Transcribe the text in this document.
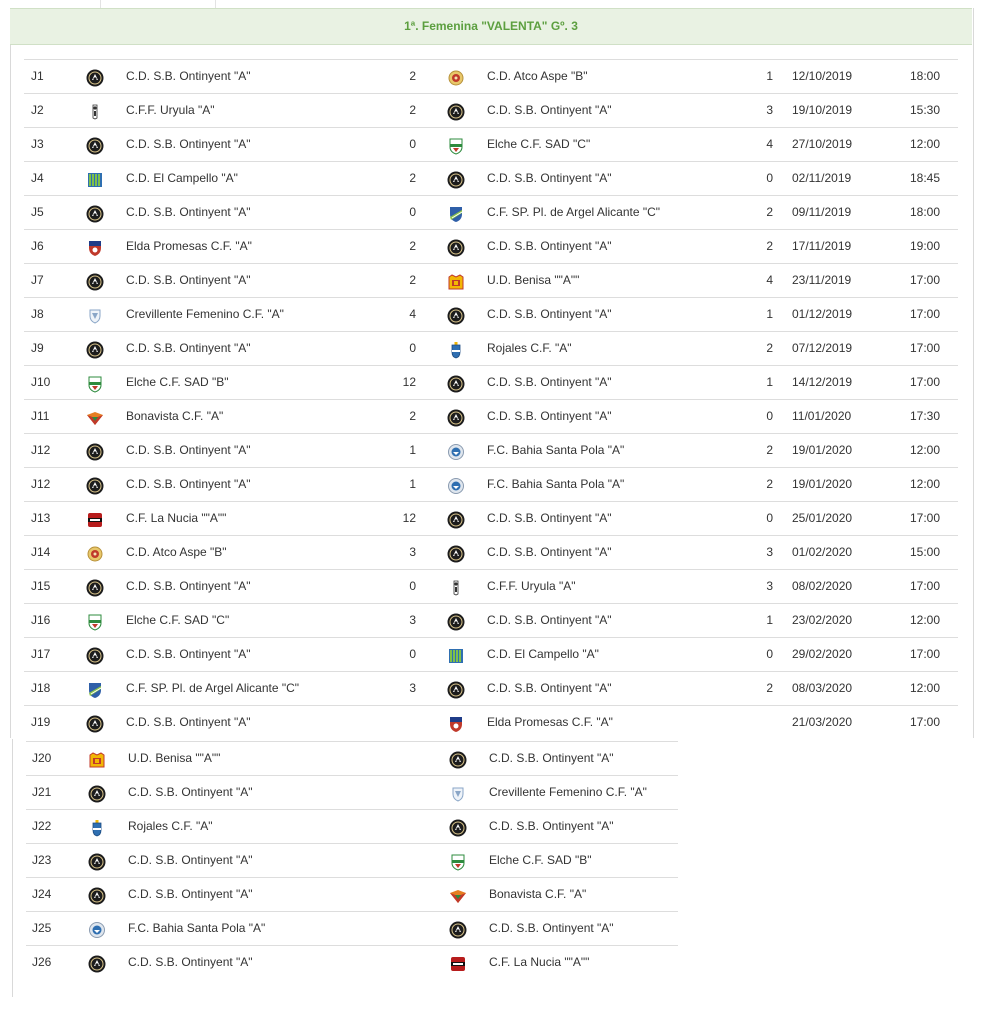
1ª. Femenina "VALENTA" Gº. 3
J1	C.D. S.B. Ontinyent "A"	2	C.D. Atco Aspe "B"	1 12/10/2019	18:00
J2	C.F.F. Uryula "A"	2	C.D. S.B. Ontinyent "A"	3 19/10/2019	15:30
J3	C.D. S.B. Ontinyent "A"	0	Elche C.F. SAD "C"	4 27/10/2019	12:00
J4	C.D. El Campello "A"	2	C.D. S.B. Ontinyent "A"	0 02/11/2019	18:45
J5	C.D. S.B. Ontinyent "A"	0	C.F. SP. Pl. de Argel Alicante "C"	2 09/11/2019	18:00
J6	Elda Promesas C.F. "A"	2	C.D. S.B. Ontinyent "A"	2 17/11/2019	19:00
J7	C.D. S.B. Ontinyent "A"	2	U.D. Benisa ""A""	4 23/11/2019	17:00
J8	Crevillente Femenino C.F. "A"	4	C.D. S.B. Ontinyent "A"	1 01/12/2019	17:00
J9	C.D. S.B. Ontinyent "A"	0	Rojales C.F. "A"	2 07/12/2019	17:00
J10	Elche C.F. SAD "B"	12	C.D. S.B. Ontinyent "A"	1 14/12/2019	17:00
J11	Bonavista C.F. "A"	2	C.D. S.B. Ontinyent "A"	0 11/01/2020	17:30
J12	C.D. S.B. Ontinyent "A"	1	F.C. Bahia Santa Pola "A"	2 19/01/2020	12:00
J12	C.D. S.B. Ontinyent "A"	1	F.C. Bahia Santa Pola "A"	2 19/01/2020	12:00
J13	C.F. La Nucia ""A""	12	C.D. S.B. Ontinyent "A"	0 25/01/2020	17:00
J14	C.D. Atco Aspe "B"	3	C.D. S.B. Ontinyent "A"	3 01/02/2020	15:00
J15	C.D. S.B. Ontinyent "A"	0	C.F.F. Uryula "A"	3 08/02/2020	17:00
J16	Elche C.F. SAD "C"	3	C.D. S.B. Ontinyent "A"	1 23/02/2020	12:00
J17	C.D. S.B. Ontinyent "A"	0	C.D. El Campello "A"	0 29/02/2020	17:00
J18	C.F. SP. Pl. de Argel Alicante "C"	3	C.D. S.B. Ontinyent "A"	2 08/03/2020	12:00
J19	C.D. S.B. Ontinyent "A"	Elda Promesas C.F. "A"	21/03/2020	17:00
J20	U.D. Benisa ""A""	C.D. S.B. Ontinyent "A"
J21	C.D. S.B. Ontinyent "A"	Crevillente Femenino C.F. "A"
J22	Rojales C.F. "A"	C.D. S.B. Ontinyent "A"
J23	C.D. S.B. Ontinyent "A"	Elche C.F. SAD "B"
J24	C.D. S.B. Ontinyent "A"	Bonavista C.F. "A"
J25	F.C. Bahia Santa Pola "A"	C.D. S.B. Ontinyent "A"
J26	C.D. S.B. Ontinyent "A"	C.F. La Nucia ""A""
